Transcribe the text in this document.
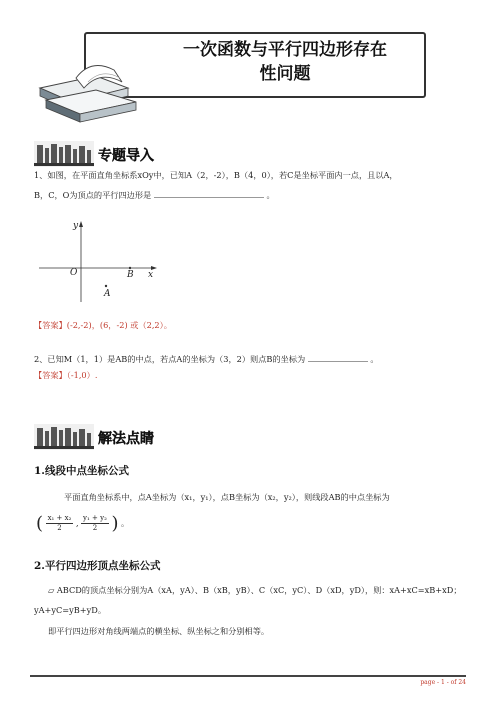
一次函数与平行四边形存在
性问题
专题导入
1、如图，在平面直角坐标系xOy中，已知A（2，-2），B（4，0），若C是坐标平面内一点，且以A，
B，C，O为顶点的平行四边形是	。
y
x
O	B
A
【答案】(-2,-2)，(6，-2) 或（2,2）。
2、已知M（1，1）是AB的中点，若点A的坐标为（3，2）则点B的坐标为	。
【答案】（-1,0）.
解法点睛
1.线段中点坐标公式
平面直角坐标系中，点A坐标为（x₁，y₁），点B坐标为（x₂，y₂），则线段AB的中点坐标为
( $\frac{\text{x₁ + x₂}}{2}$ , $\frac{\text{y₁ + y₂}}{2}$ ) 。
2.平行四边形顶点坐标公式
▱ ABCD的顶点坐标分别为A（xA，yA）、B（xB，yB）、C（xC，yC）、D（xD，yD），则：xA+xC=xB+xD；
yA+yC=yB+yD。
即平行四边形对角线两端点的横坐标、纵坐标之和分别相等。
page - 1 - of 24
